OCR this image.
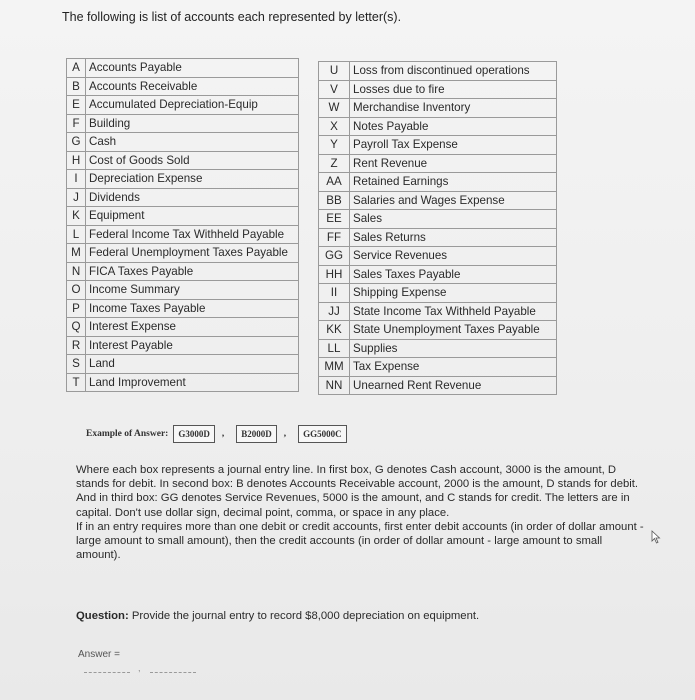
The following is list of accounts each represented by letter(s).
A	Accounts Payable
B	Accounts Receivable
E	Accumulated Depreciation-Equip
F	Building
G	Cash
H	Cost of Goods Sold
I	Depreciation Expense
J	Dividends
K	Equipment
L	Federal Income Tax Withheld Payable
M	Federal Unemployment Taxes Payable
N	FICA Taxes Payable
O	Income Summary
P	Income Taxes Payable
Q	Interest Expense
R	Interest Payable
S	Land
T	Land Improvement
U	Loss from discontinued operations
V	Losses due to fire
W	Merchandise Inventory
X	Notes Payable
Y	Payroll Tax Expense
Z	Rent Revenue
AA	Retained Earnings
BB	Salaries and Wages Expense
EE	Sales
FF	Sales Returns
GG	Service Revenues
HH	Sales Taxes Payable
II	Shipping Expense
JJ	State Income Tax Withheld Payable
KK	State Unemployment Taxes Payable
LL	Supplies
MM	Tax Expense
NN	Unearned Rent Revenue
Example of Answer:	G3000D	,	B2000D	,	GG5000C

Where each box represents a journal entry line. In first box, G denotes Cash account, 3000 is the amount, D stands for debit. In second box: B denotes Accounts Receivable account, 2000 is the amount, D stands for debit. And in third box: GG denotes Service Revenues, 5000 is the amount, and C stands for credit. The letters are in capital. Don't use dollar sign, decimal point, comma, or space in any place.

If in an entry requires more than one debit or credit accounts, first enter debit accounts (in order of dollar amount - large amount to small amount), then the credit accounts (in order of dollar amount - large amount to small amount).

Question: Provide the journal entry to record $8,000 depreciation on equipment.
Answer =
,
